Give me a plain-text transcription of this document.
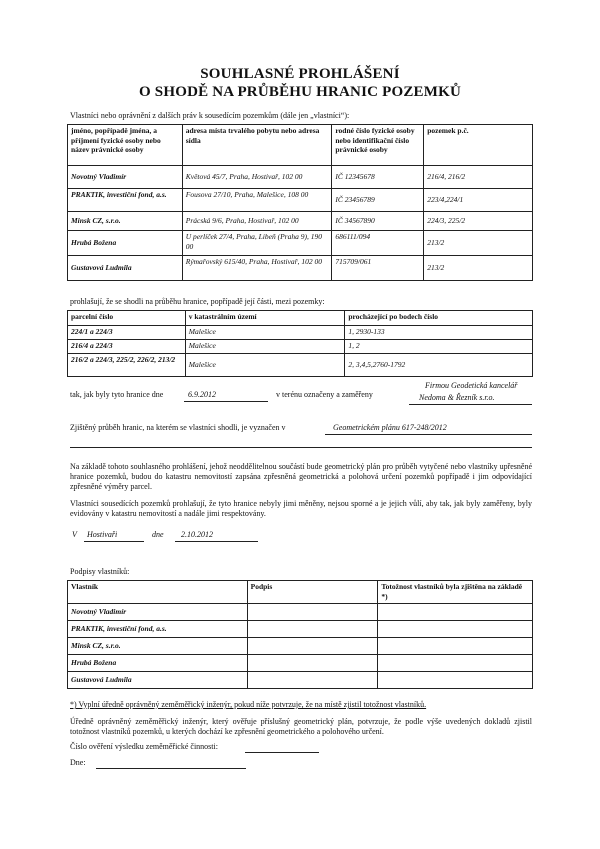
SOUHLASNÉ PROHLÁŠENÍ
O SHODĚ NA PRŮBĚHU HRANIC POZEMKŮ
Vlastníci nebo oprávnění z dalších práv k sousedícím pozemkům (dále jen „vlastníci“):
jméno, popřípadě jména, a příjmení fyzické osoby nebo název právnické osoby	adresa místa trvalého pobytu nebo adresa sídla	rodné číslo fyzické osoby nebo identifikační číslo právnické osoby	pozemek p.č.
Novotný Vladimír	Květová 45/7, Praha, Hostivař, 102 00	IČ 12345678	216/4, 216/2
PRAKTIK, investiční fond, a.s.	Fousova 27/10, Praha, Malešice, 108 00	IČ 23456789	223/4,224/1
Minsk CZ, s.r.o.	Prácská 9/6, Praha, Hostivař, 102 00	IČ 34567890	224/3, 225/2
Hrubá Božena	U perlíček 27/4, Praha, Libeň (Praha 9), 190 00	686111/094	213/2
Gustavová Ludmila	Rýmařovský 615/40, Praha, Hostivař, 102 00	715709/061	213/2
prohlašují, že se shodli na průběhu hranice, popřípadě její části, mezi pozemky:
parcelní číslo	v katastrálním území	procházející po bodech číslo
224/1 a 224/3	Malešice	1, 2930-133
216/4 a 224/3	Malešice	1, 2
216/2 a 224/3, 225/2, 226/2, 213/2	Malešice	2, 3,4,5,2760-1792
tak, jak byly tyto hranice dne	6.9.2012	v terénu označeny a zaměřeny
Firmou Geodetická kancelář
Nedoma & Řezník s.r.o.
Zjištěný průběh hranic, na kterém se vlastníci shodli, je vyznačen v	Geometrickém plánu 617-248/2012
Na základě tohoto souhlasného prohlášení, jehož neoddělitelnou součástí bude geometrický plán pro průběh vytyčené nebo vlastníky upřesněné hranice pozemků, budou do katastru nemovitostí zapsána zpřesněná geometrická a polohová určení pozemků popřípadě i jim odpovídající zpřesněné výměry parcel.
Vlastníci sousedících pozemků prohlašují, že tyto hranice nebyly jimi měněny, nejsou sporné a je jejich vůlí, aby tak, jak byly zaměřeny, byly evidovány v katastru nemovitostí a nadále jimi respektovány.
V Hostivaři	dne 2.10.2012
Podpisy vlastníků:
Vlastník	Podpis	Totožnost vlastníků byla zjištěna na základě *)
Novotný Vladimír		
PRAKTIK, investiční fond, a.s.		
Minsk CZ, s.r.o.		
Hrubá Božena		
Gustavová Ludmila		
*) Vyplní úředně oprávněný zeměměřický inženýr, pokud níže potvrzuje, že na místě zjistil totožnost vlastníků.
Úředně oprávněný zeměměřický inženýr, který ověřuje příslušný geometrický plán, potvrzuje, že podle výše uvedených dokladů zjistil totožnost vlastníků pozemků, u kterých dochází ke zpřesnění geometrického a polohového určení.
Číslo ověření výsledku zeměměřické činnosti:
Dne:
